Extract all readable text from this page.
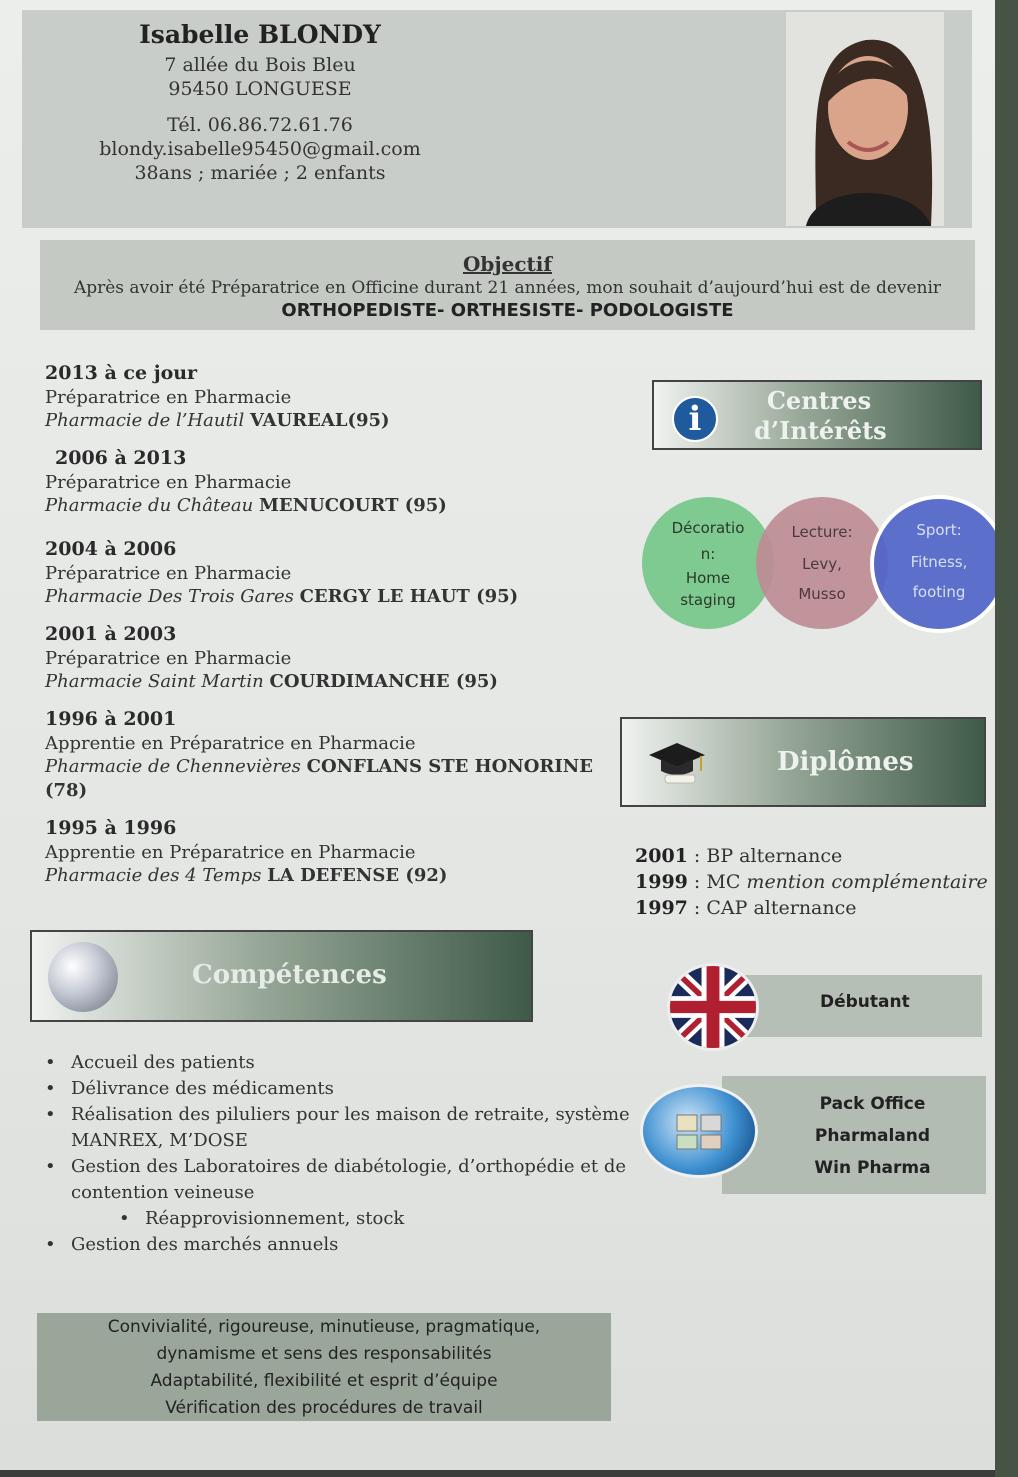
Isabelle BLONDY

7 allée du Bois Bleu

95450 LONGUESE

Tél. 06.86.72.61.76

blondy.isabelle95450@gmail.com

38ans ; mariée ; 2 enfants

Objectif
Après avoir été Préparatrice en Officine durant 21 années, mon souhait d’aujourd’hui est de devenir
ORTHOPEDISTE- ORTHESISTE- PODOLOGISTE
2013 à ce jour
Préparatrice en Pharmacie
Pharmacie de l’Hautil VAUREAL(95)
2006 à 2013
Préparatrice en Pharmacie
Pharmacie du Château MENUCOURT (95)
2004 à 2006
Préparatrice en Pharmacie
Pharmacie Des Trois Gares CERGY LE HAUT (95)
2001 à 2003
Préparatrice en Pharmacie
Pharmacie Saint Martin COURDIMANCHE (95)
1996 à 2001
Apprentie en Préparatrice en Pharmacie
Pharmacie de Chennevières CONFLANS STE HONORINE (78)
1995 à 1996
Apprentie en Préparatrice en Pharmacie
Pharmacie des 4 Temps LA DEFENSE (92)
i	Centres
d’Intérêts
Décoratio
n:
Home
staging
Lecture:
Levy,
Musso
Sport:
Fitness,
footing
Diplômes
2001 : BP alternance
1999 : MC mention complémentaire
1997 : CAP alternance
Compétences
• Accueil des patients
• Délivrance des médicaments
• Réalisation des piluliers pour les maison de retraite, système MANREX, M’DOSE
• Gestion des Laboratoires de diabétologie, d’orthopédie et de contention veineuse
• Réapprovisionnement, stock
• Gestion des marchés annuels
Convivialité, rigoureuse, minutieuse, pragmatique,
dynamisme et sens des responsabilités
Adaptabilité, flexibilité et esprit d’équipe
Vérification des procédures de travail
Débutant
Pack Office
Pharmaland
Win Pharma
